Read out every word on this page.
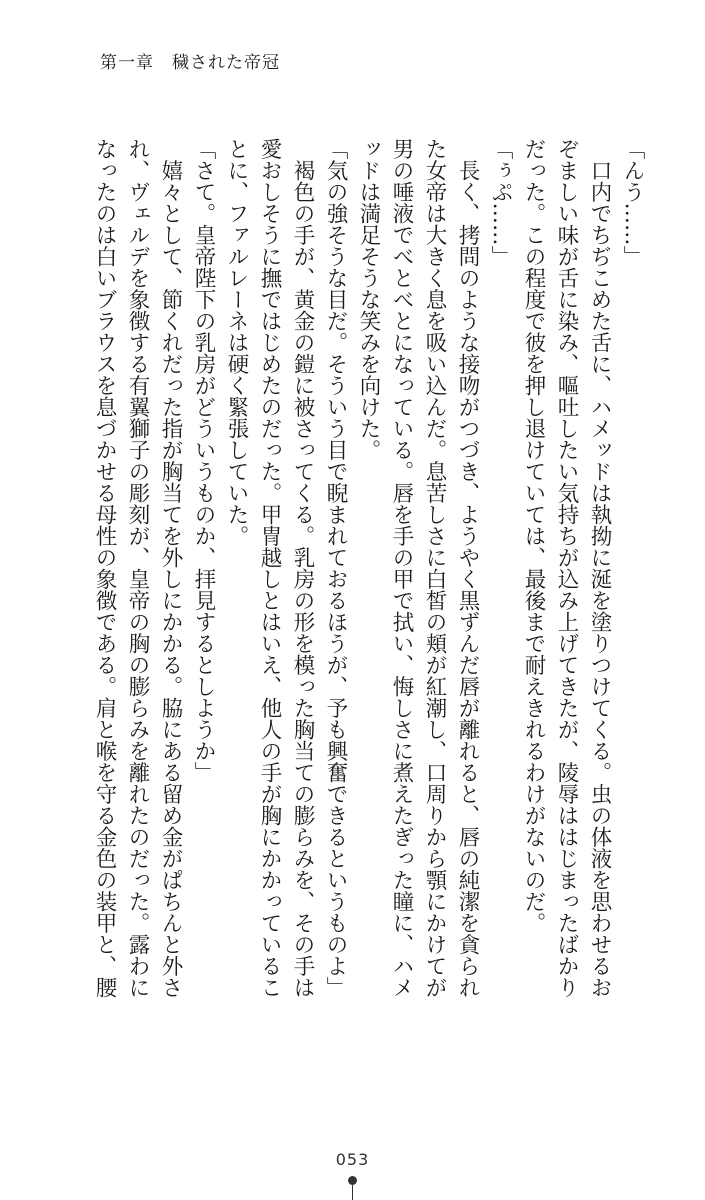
第一章　穢された帝冠
「んう……」
　口内でちぢこめた舌に、ハメッドは執拗に涎を塗りつけてくる。虫の体液を思わせるお
ぞましい味が舌に染み、嘔吐したい気持ちが込み上げてきたが、陵辱ははじまったばかり
だった。この程度で彼を押し退けていては、最後まで耐えきれるわけがないのだ。
「ぅぷ……」
　長く、拷問のような接吻がつづき、ようやく黒ずんだ唇が離れると、唇の純潔を貪られ
た女帝は大きく息を吸い込んだ。息苦しさに白皙の頬が紅潮し、口周りから顎にかけてが
男の唾液でべとべとになっている。唇を手の甲で拭い、悔しさに煮えたぎった瞳に、ハメ
ッドは満足そうな笑みを向けた。
「気の強そうな目だ。そういう目で睨まれておるほうが、予も興奮できるというものよ」
　褐色の手が、黄金の鎧に被さってくる。乳房の形を模った胸当ての膨らみを、その手は
愛おしそうに撫ではじめたのだった。甲冑越しとはいえ、他人の手が胸にかかっているこ
とに、ファルレーネは硬く緊張していた。
「さて。皇帝陛下の乳房がどういうものか、拝見するとしようか」
　嬉々として、節くれだった指が胸当てを外しにかかる。脇にある留め金がぱちんと外さ
れ、ヴェルデを象徴する有翼獅子の彫刻が、皇帝の胸の膨らみを離れたのだった。露わに
なったのは白いブラウスを息づかせる母性の象徴である。肩と喉を守る金色の装甲と、腰
053
